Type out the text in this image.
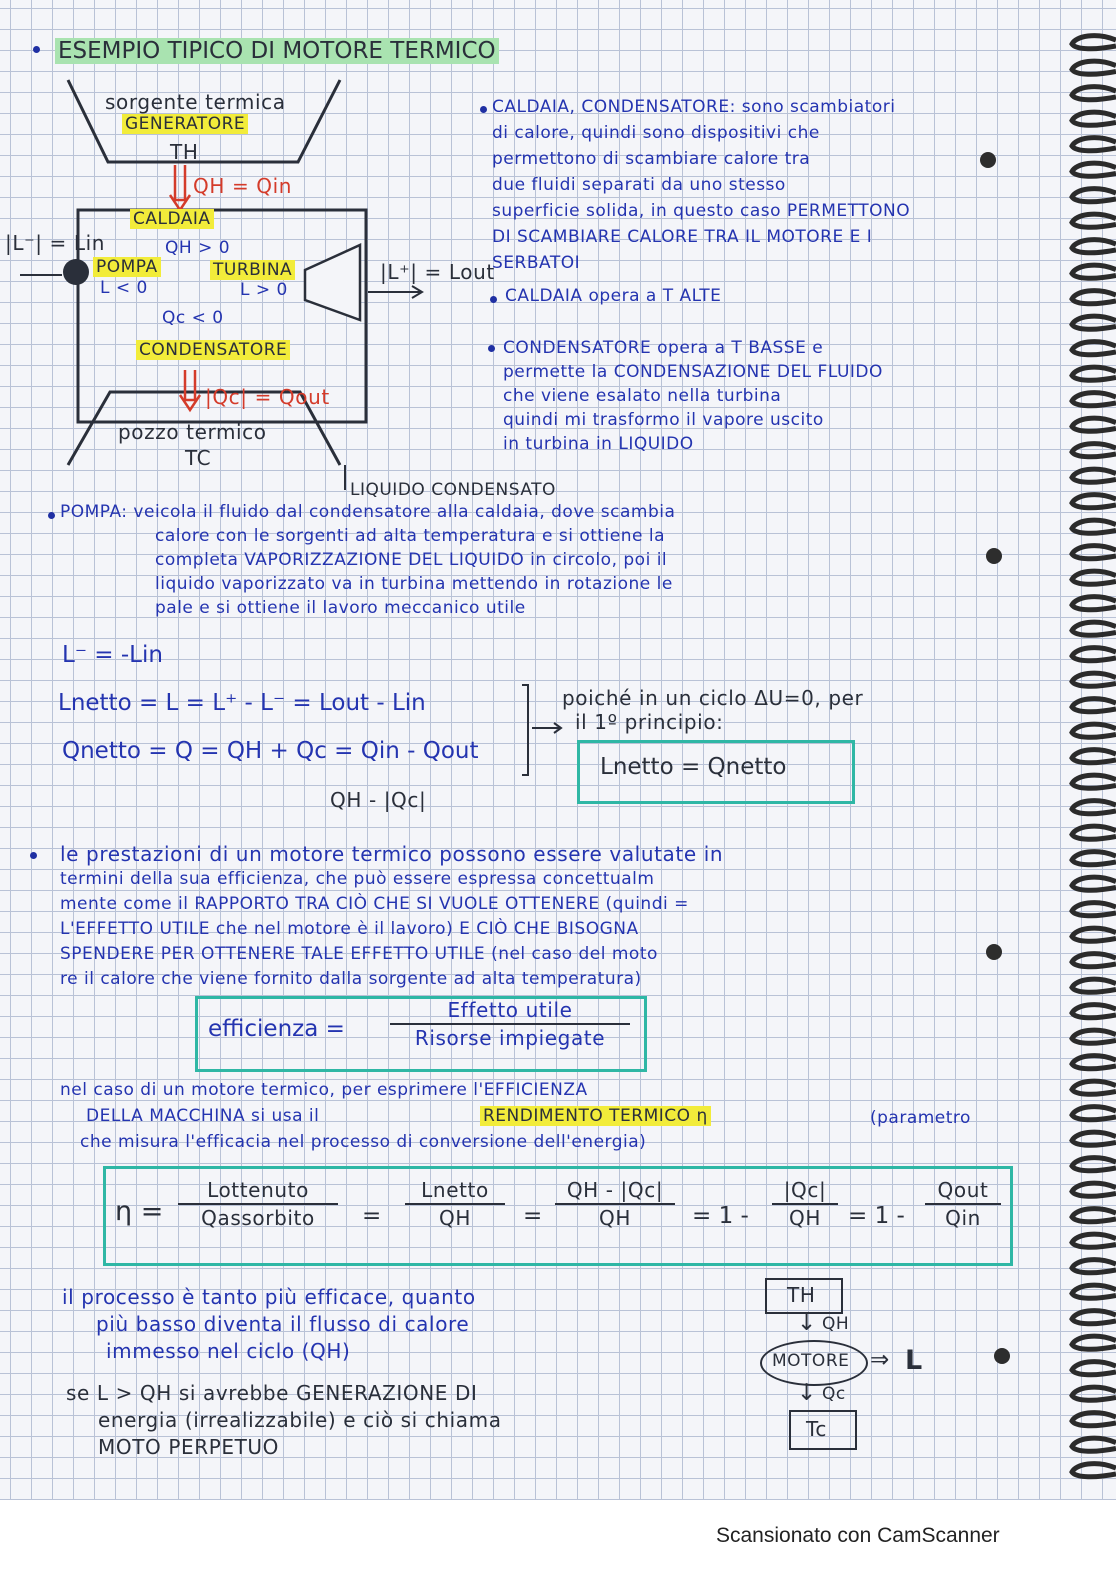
ESEMPIO TIPICO DI MOTORE TERMICO
sorgente termica
GENERATORE
TH
QH = Qin
CALDAIA
QH > 0
|L⁻| = Lin
POMPA
L < 0
TURBINA
L > 0
|L⁺| = Lout
Qc < 0
CONDENSATORE
|Qc| = Qout
pozzo termico
TC
LIQUIDO CONDENSATO
CALDAIA, CONDENSATORE: sono scambiatori
di calore, quindi sono dispositivi che
permettono di scambiare calore tra
due fluidi separati da uno stesso
superficie solida, in questo caso PERMETTONO
DI SCAMBIARE CALORE TRA IL MOTORE E I
SERBATOI
CALDAIA opera a T ALTE
CONDENSATORE opera a T BASSE e
permette la CONDENSAZIONE DEL FLUIDO
che viene esalato nella turbina
quindi mi trasformo il vapore uscito
in turbina in LIQUIDO
POMPA: veicola il fluido dal condensatore alla caldaia, dove scambia
calore con le sorgenti ad alta temperatura e si ottiene la
completa VAPORIZZAZIONE DEL LIQUIDO in circolo, poi il
liquido vaporizzato va in turbina mettendo in rotazione le
pale e si ottiene il lavoro meccanico utile
L⁻ = -Lin
Lnetto = L = L⁺ - L⁻ = Lout - Lin
Qnetto = Q = QH + Qc = Qin - Qout
QH - |Qc|
poiché in un ciclo ΔU=0, per
il 1º principio:
Lnetto = Qnetto
le prestazioni di un motore termico possono essere valutate in
termini della sua efficienza, che può essere espressa concettualm
mente come il RAPPORTO TRA CIÒ CHE SI VUOLE OTTENERE (quindi =
L'EFFETTO UTILE che nel motore è il lavoro) E CIÒ CHE BISOGNA
SPENDERE PER OTTENERE TALE EFFETTO UTILE (nel caso del moto
re il calore che viene fornito dalla sorgente ad alta temperatura)
efficienza =
Effetto utile
Risorse impiegate
nel caso di un motore termico, per esprimere l'EFFICIENZA
DELLA MACCHINA si usa il	RENDIMENTO TERMICO η	(parametro
che misura l'efficacia nel processo di conversione dell'energia)
η =
Lottenuto
Qassorbito	=
Lnetto
QH	=
QH - |Qc|
QH	= 1 -
|Qc|
QH	= 1 -
Qout
Qin
il processo è tanto più efficace, quanto
più basso diventa il flusso di calore
immesso nel ciclo (QH)
se L > QH si avrebbe GENERAZIONE DI
energia (irrealizzabile) e ciò si chiama
MOTO PERPETUO
TH
↓ QH
MOTORE ⇒ L
↓ Qc
Tc
Scansionato con CamScanner
